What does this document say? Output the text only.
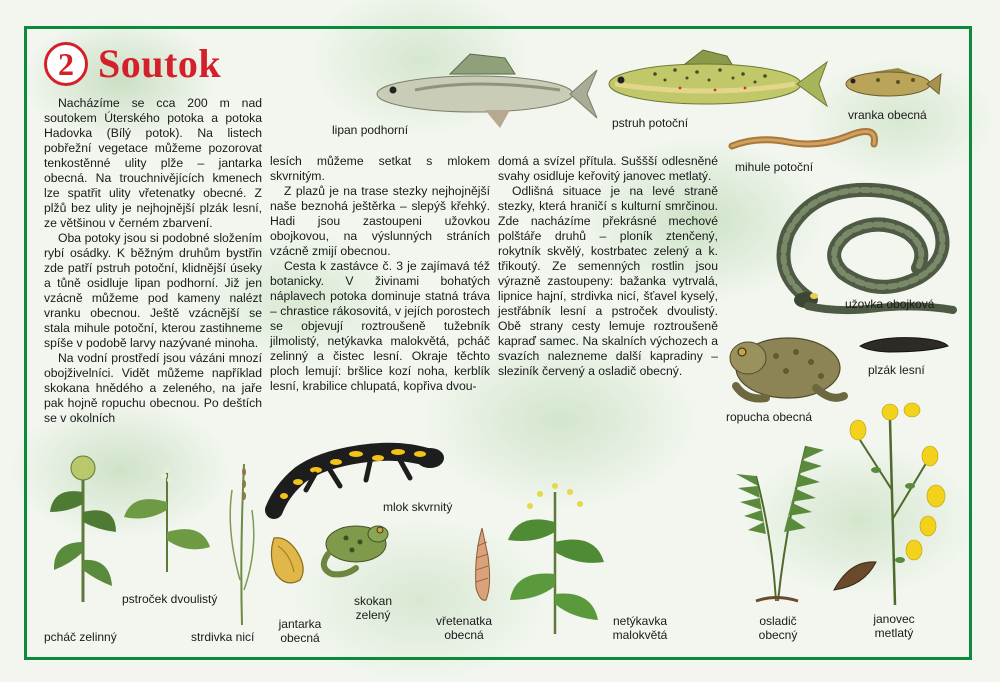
2 Soutok

Nacházíme se cca 200 m nad soutokem Úterského potoka a potoka Hadovka (Bílý potok). Na listech pobřežní vegetace můžeme pozorovat tenkostěnné ulity plže – jantarka obecná. Na trouchnivějících kmenech lze spatřit ulity vřetenatky obecné. Z plžů bez ulity je nejhojnější plzák lesní, ze většinou v černém zbarvení.

Oba potoky jsou si podobné složením rybí osádky. K běžným druhům bystřin zde patří pstruh potoční, klidnější úseky a tůně osidluje lipan podhorní. Již jen vzácně můžeme pod kameny nalézt vranku obecnou. Ještě vzácnější se stala mihule potoční, kterou zastihneme spíše v podobě larvy nazývané minoha.

Na vodní prostředí jsou vázáni mnozí obojživelníci. Vidět můžeme například skokana hnědého a zeleného, na jaře pak hojně ropuchu obecnou. Po deštích se v okolních

lesích můžeme setkat s mlokem skvrnitým.

Z plazů je na trase stezky nejhojnější naše beznohá ještěrka – slepýš křehký. Hadi jsou zastoupeni užovkou obojkovou, na výslunných stráních vzácně zmijí obecnou.

Cesta k zastávce č. 3 je zajímavá též botanicky. V živinami bohatých náplavech potoka dominuje statná tráva – chrastice rákosovitá, v jejích porostech se objevují roztroušeně tužebník jilmolistý, netýkavka malokvětá, pcháč zelinný a čistec lesní. Okraje těchto ploch lemují: bršlice kozí noha, kerblík lesní, krabilice chlupatá, kopřiva dvou-

domá a svízel přítula. Suššší odlesněné svahy osidluje keřovitý janovec metlatý.

Odlišná situace je na levé straně stezky, která hraničí s kulturní smrčinou. Zde nacházíme překrásné mechové polštáře druhů – ploník ztenčený, rokytník skvělý, kostrbatec zelený a k. třikoutý. Ze semenných rostlin jsou výrazně zastoupeny: bažanka vytrvalá, lipnice hajní, strdivka nicí, šťavel kyselý, jestřábník lesní a pstroček dvoulistý. Obě strany cesty lemuje roztroušeně kapraď samec. Na skalních výchozech a svazích nalezneme další kapradiny – sleziník červený a osladič obecný.

lipan podhorní	pstruh potoční
vranka obecná
mihule potoční
užovka obojková
plzák lesní
ropucha obecná
mlok skvrnitý
skokan zelený
jantarka obecná
vřetenatka obecná
pcháč zelinný
pstroček dvoulistý
strdivka nicí
netýkavka malokvětá
osladič obecný
janovec metlatý
